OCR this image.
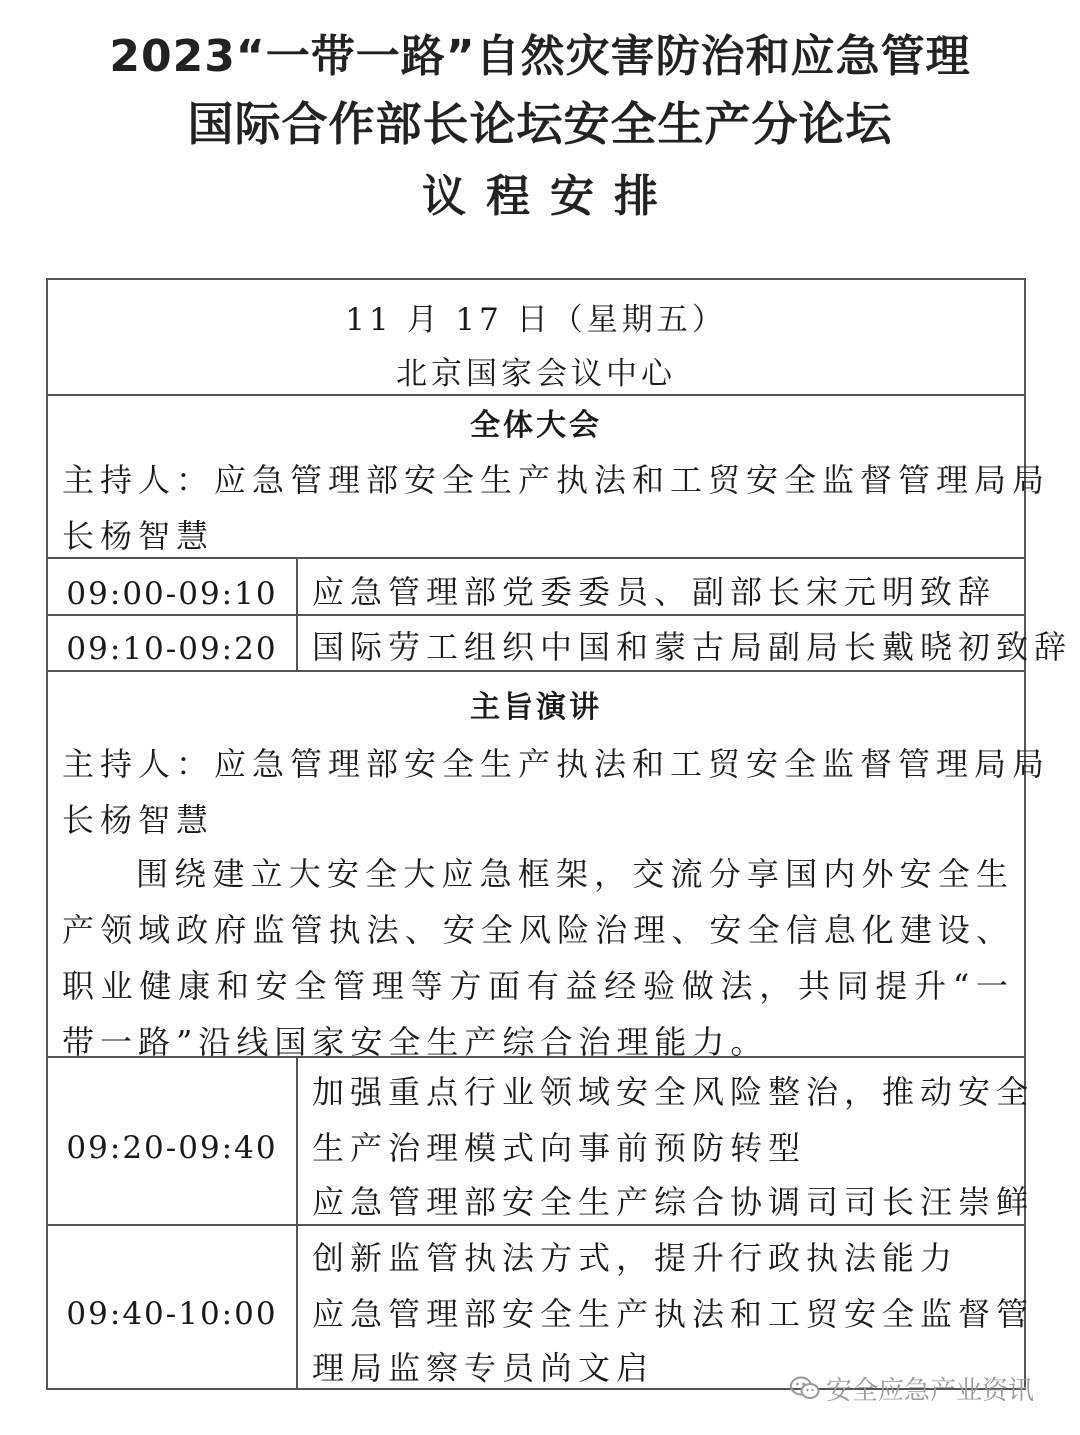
2023“一带一路”自然灾害防治和应急管理
国际合作部长论坛安全生产分论坛
议程安排
11 月 17 日（星期五）
北京国家会议中心
全体大会
主持人：应急管理部安全生产执法和工贸安全监督管理局局
长杨智慧
09:00-09:10	应急管理部党委委员、副部长宋元明致辞
09:10-09:20	国际劳工组织中国和蒙古局副局长戴晓初致辞
主旨演讲
主持人：应急管理部安全生产执法和工贸安全监督管理局局
长杨智慧
围绕建立大安全大应急框架，交流分享国内外安全生产领域政府监管执法、安全风险治理、安全信息化建设、职业健康和安全管理等方面有益经验做法，共同提升“一带一路”沿线国家安全生产综合治理能力。
09:20-09:40
加强重点行业领域安全风险整治，推动安全
生产治理模式向事前预防转型
应急管理部安全生产综合协调司司长汪崇鲜
09:40-10:00
创新监管执法方式，提升行政执法能力
应急管理部安全生产执法和工贸安全监督管
理局监察专员尚文启
安全应急产业资讯
